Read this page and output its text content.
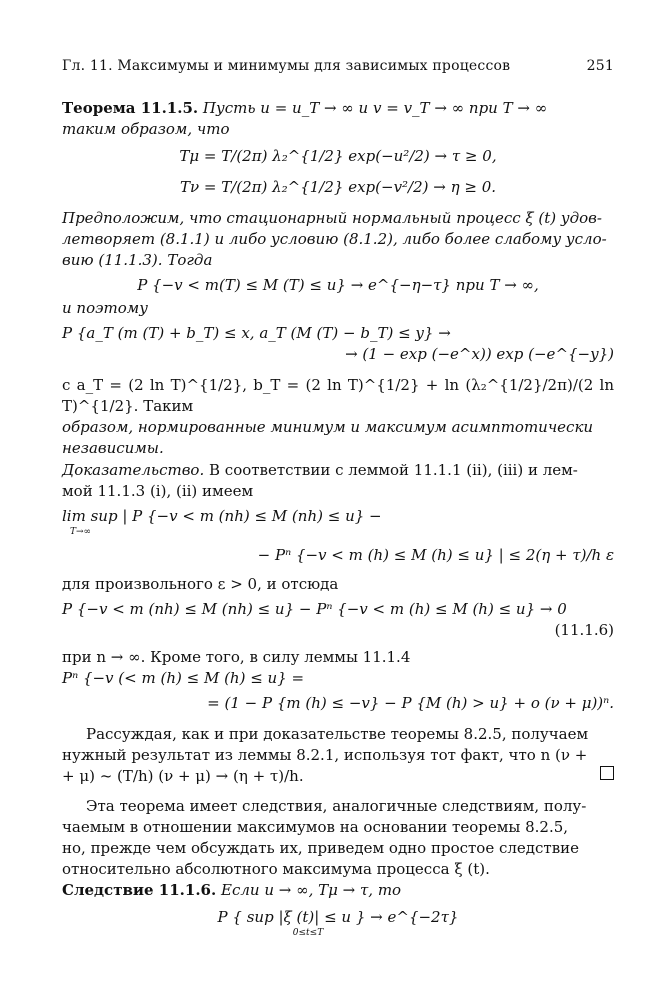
Гл. 11. Максимумы и минимумы для зависимых процессов	251

Теорема 11.1.5. Пусть u = u_T → ∞ и v = v_T → ∞ при T → ∞

таким образом, что

Tμ = T/(2π) λ₂^{1/2} exp(−u²/2) → τ ≥ 0,

Tν = T/(2π) λ₂^{1/2} exp(−v²/2) → η ≥ 0.

Предположим, что стационарный нормальный процесс ξ (t) удов-

летворяет (8.1.1) и либо условию (8.1.2), либо более слабому усло-

вию (11.1.3). Тогда

P {−v < m(T) ≤ M (T) ≤ u} → e^{−η−τ} при T → ∞,

и поэтому

P {a_T (m (T) + b_T) ≤ x, a_T (M (T) − b_T) ≤ y} →

→ (1 − exp (−e^x)) exp (−e^{−y})

с a_T = (2 ln T)^{1/2}, b_T = (2 ln T)^{1/2} + ln (λ₂^{1/2}/2π)/(2 ln T)^{1/2}. Таким

образом, нормированные минимум и максимум асимптотически

независимы.

Доказательство. В соответствии с леммой 11.1.1 (ii), (iii) и лем-

мой 11.1.3 (i), (ii) имеем

lim sup | P {−v < m (nh) ≤ M (nh) ≤ u} −

T→∞

− Pⁿ {−v < m (h) ≤ M (h) ≤ u} | ≤ 2(η + τ)/h ε

для произвольного ε > 0, и отсюда

P {−v < m (nh) ≤ M (nh) ≤ u} − Pⁿ {−v < m (h) ≤ M (h) ≤ u} → 0

(11.1.6)

при n → ∞. Кроме того, в силу леммы 11.1.4

Pⁿ {−v (< m (h) ≤ M (h) ≤ u} =

= (1 − P {m (h) ≤ −v} − P {M (h) > u} + o (ν + μ))ⁿ.

Рассуждая, как и при доказательстве теоремы 8.2.5, получаем

нужный результат из леммы 8.2.1, используя тот факт, что n (ν +

+ μ) ~ (T/h) (ν + μ) → (η + τ)/h.

Эта теорема имеет следствия, аналогичные следствиям, полу-

чаемым в отношении максимумов на основании теоремы 8.2.5,

но, прежде чем обсуждать их, приведем одно простое следствие

относительно абсолютного максимума процесса ξ (t).

Следствие 11.1.6. Если u → ∞, Tμ → τ, то

P { sup |ξ (t)| ≤ u } → e^{−2τ}

0≤t≤T
